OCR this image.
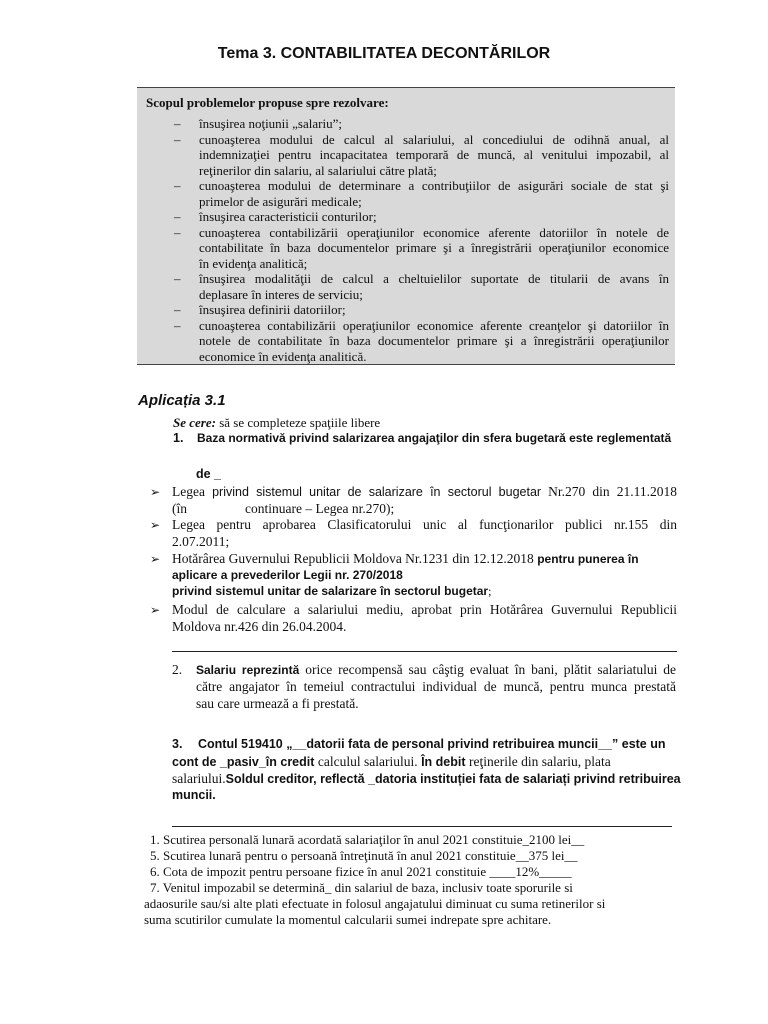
Tema 3. CONTABILITATEA DECONTĂRILOR
Scopul problemelor propuse spre rezolvare:
– însuşirea noţiunii „salariu”;
– cunoaşterea modului de calcul al salariului, al concediului de odihnă anual, al
indemnizaţiei pentru incapacitatea temporară de muncă, al venitului impozabil, al
reţinerilor din salariu, al salariului către plată;
– cunoaşterea modului de determinare a contribuţiilor de asigurări sociale de stat şi
primelor de asigurări medicale;
– însuşirea caracteristicii conturilor;
– cunoaşterea contabilizării operaţiunilor economice aferente datoriilor în notele de
contabilitate în baza documentelor primare şi a înregistrării operaţiunilor economice
în evidenţa analitică;
– însuşirea modalităţii de calcul a cheltuielilor suportate de titularii de avans în
deplasare în interes de serviciu;
– însuşirea definirii datoriilor;
– cunoaşterea contabilizării operaţiunilor economice aferente creanţelor şi datoriilor în
notele de contabilitate în baza documentelor primare şi a înregistrării operaţiunilor
economice în evidenţa analitică.
Aplicația 3.1
Se cere: să se completeze spaţiile libere
1. Baza normativă privind salarizarea angajaţilor din sfera bugetară este reglementată
de _
➢ Legea privind sistemul unitar de salarizare în sectorul bugetar Nr.270 din 21.11.2018
(în	continuare – Legea nr.270);
➢ Legea pentru aprobarea Clasificatorului unic al funcţionarilor publici nr.155 din
2.07.2011;
➢ Hotărârea Guvernului Republicii Moldova Nr.1231 din 12.12.2018 pentru punerea în
aplicare a prevederilor Legii nr. 270/2018
privind sistemul unitar de salarizare în sectorul bugetar;
➢ Modul de calculare a salariului mediu, aprobat prin Hotărârea Guvernului Republicii
Moldova nr.426 din 26.04.2004.
2. Salariu reprezintă orice recompensă sau câştig evaluat în bani, plătit salariatului de
către angajator în temeiul contractului individual de muncă, pentru munca prestată
sau care urmează a fi prestată.
3. Contul 519410 „__datorii fata de personal privind retribuirea muncii__” este un
cont de _pasiv_în credit calculul salariului. În debit reţinerile din salariu, plata
salariului.Soldul creditor, reflectă _datoria instituției fata de salariați privind retribuirea
muncii.
1. Scutirea personală lunară acordată salariaţilor în anul 2021 constituie_2100 lei__
5. Scutirea lunară pentru o persoană întreţinută în anul 2021 constituie__375 lei__
6. Cota de impozit pentru persoane fizice în anul 2021 constituie ____12%_____
7. Venitul impozabil se determină_ din salariul de baza, inclusiv toate sporurile si
adaosurile sau/si alte plati efectuate in folosul angajatului diminuat cu suma retinerilor si
suma scutirilor cumulate la momentul calcularii sumei indrepate spre achitare.
